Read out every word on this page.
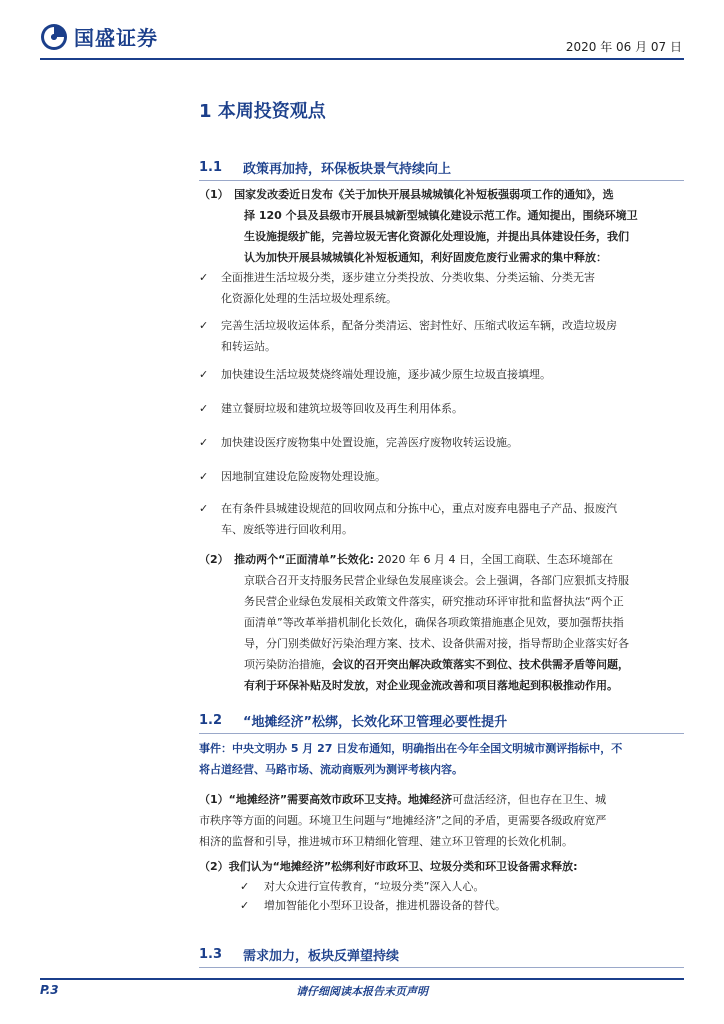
国盛证券	2020 年 06 月 07 日
1 本周投资观点
1.1	政策再加持，环保板块景气持续向上
（1）　国家发改委近日发布《关于加快开展县城城镇化补短板强弱项工作的通知》，选
择 120 个县及县级市开展县城新型城镇化建设示范工作。通知提出，围绕环境卫
生设施提级扩能，完善垃圾无害化资源化处理设施，并提出具体建设任务，我们
认为加快开展县城城镇化补短板通知，利好固废危废行业需求的集中释放：
✓	全面推进生活垃圾分类，逐步建立分类投放、分类收集、分类运输、分类无害
化资源化处理的生活垃圾处理系统。
✓	完善生活垃圾收运体系，配备分类清运、密封性好、压缩式收运车辆，改造垃圾房
和转运站。
✓	加快建设生活垃圾焚烧终端处理设施，逐步减少原生垃圾直接填埋。
✓	建立餐厨垃圾和建筑垃圾等回收及再生利用体系。
✓	加快建设医疗废物集中处置设施，完善医疗废物收转运设施。
✓	因地制宜建设危险废物处理设施。
✓	在有条件县城建设规范的回收网点和分拣中心，重点对废弃电器电子产品、报废汽
车、废纸等进行回收利用。
（2）　推动两个“正面清单”长效化: 2020 年 6 月 4 日，全国工商联、生态环境部在
京联合召开支持服务民营企业绿色发展座谈会。会上强调，各部门应狠抓支持服
务民营企业绿色发展相关政策文件落实，研究推动环评审批和监督执法“两个正
面清单”等改革举措机制化长效化，确保各项政策措施惠企见效，要加强帮扶指
导，分门别类做好污染治理方案、技术、设备供需对接，指导帮助企业落实好各
项污染防治措施，会议的召开突出解决政策落实不到位、技术供需矛盾等问题，
有利于环保补贴及时发放，对企业现金流改善和项目落地起到积极推动作用。
1.2	“地摊经济”松绑，长效化环卫管理必要性提升
事件：中央文明办 5 月 27 日发布通知，明确指出在今年全国文明城市测评指标中，不
将占道经营、马路市场、流动商贩列为测评考核内容。
（1）“地摊经济”需要高效市政环卫支持。地摊经济可盘活经济，但也存在卫生、城
市秩序等方面的问题。环境卫生问题与“地摊经济”之间的矛盾，更需要各级政府宽严
相济的监督和引导，推进城市环卫精细化管理、建立环卫管理的长效化机制。
（2）我们认为“地摊经济”松绑利好市政环卫、垃圾分类和环卫设备需求释放:
✓ 对大众进行宣传教育，“垃圾分类”深入人心。
✓ 增加智能化小型环卫设备，推进机器设备的替代。
1.3	需求加力，板块反弹望持续
P.3	请仔细阅读本报告末页声明
